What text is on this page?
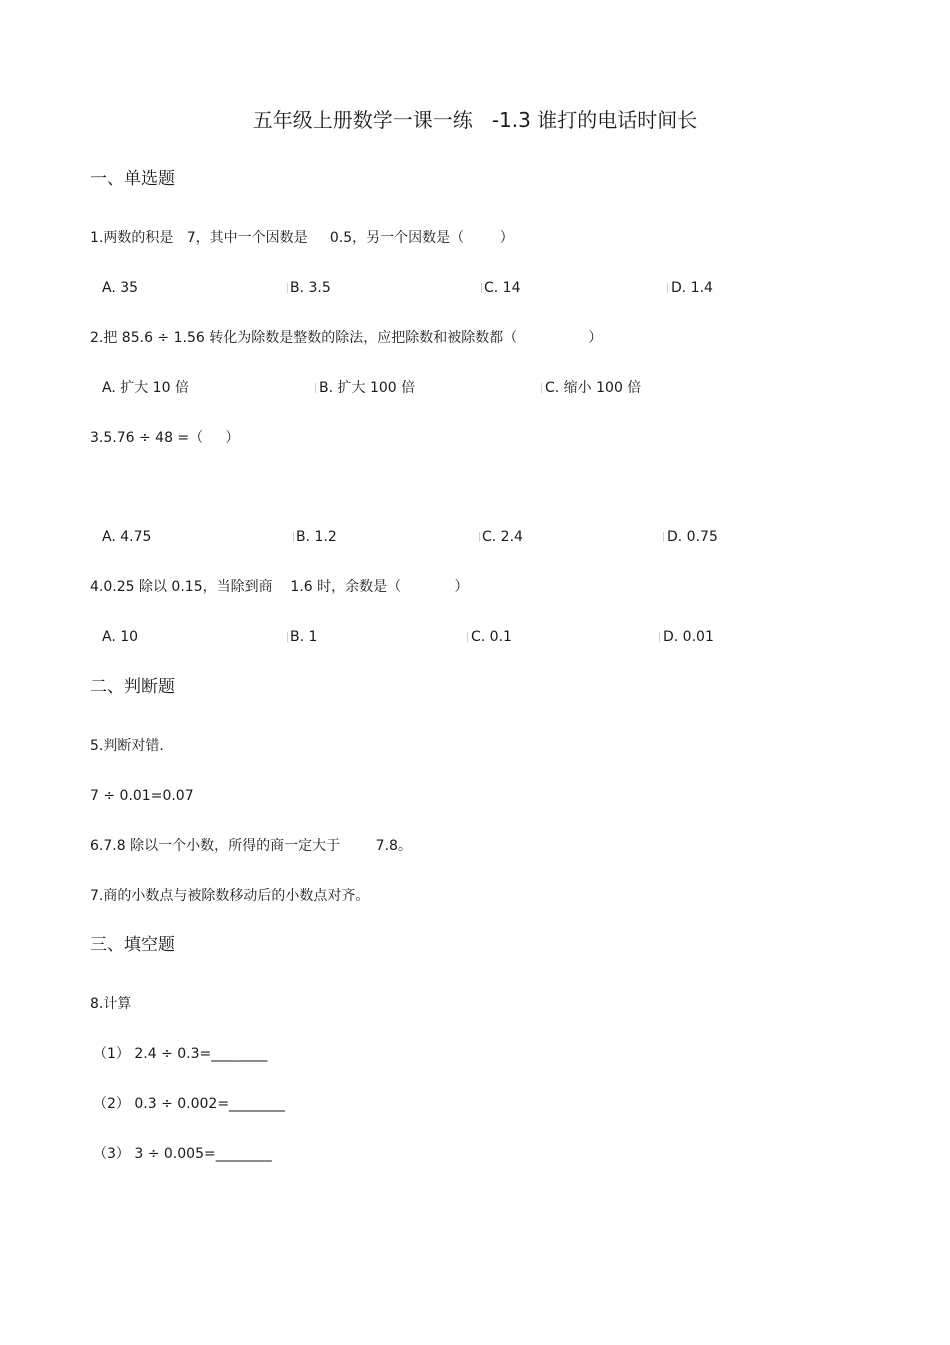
五年级上册数学一课一练   -1.3 谁打的电话时间长
一、单选题
1.两数的积是   7，其中一个因数是     0.5，另一个因数是（        ）
A. 35	B. 3.5	C. 14	D. 1.4
2.把 85.6 ÷ 1.56 转化为除数是整数的除法，应把除数和被除数都（                ）
A. 扩大 10 倍	B. 扩大 100 倍	C. 缩小 100 倍
3.5.76 ÷ 48 =（     ）
A. 4.75	B. 1.2	C. 2.4	D. 0.75
4.0.25 除以 0.15，当除到商    1.6 时，余数是（            ）
A. 10	B. 1	C. 0.1	D. 0.01
二、判断题
5.判断对错.
7 ÷ 0.01=0.07
6.7.8 除以一个小数，所得的商一定大于        7.8。
7.商的小数点与被除数移动后的小数点对齐。
三、填空题
8.计算
（1） 2.4 ÷ 0.3=________
（2） 0.3 ÷ 0.002=________
（3） 3 ÷ 0.005=________
